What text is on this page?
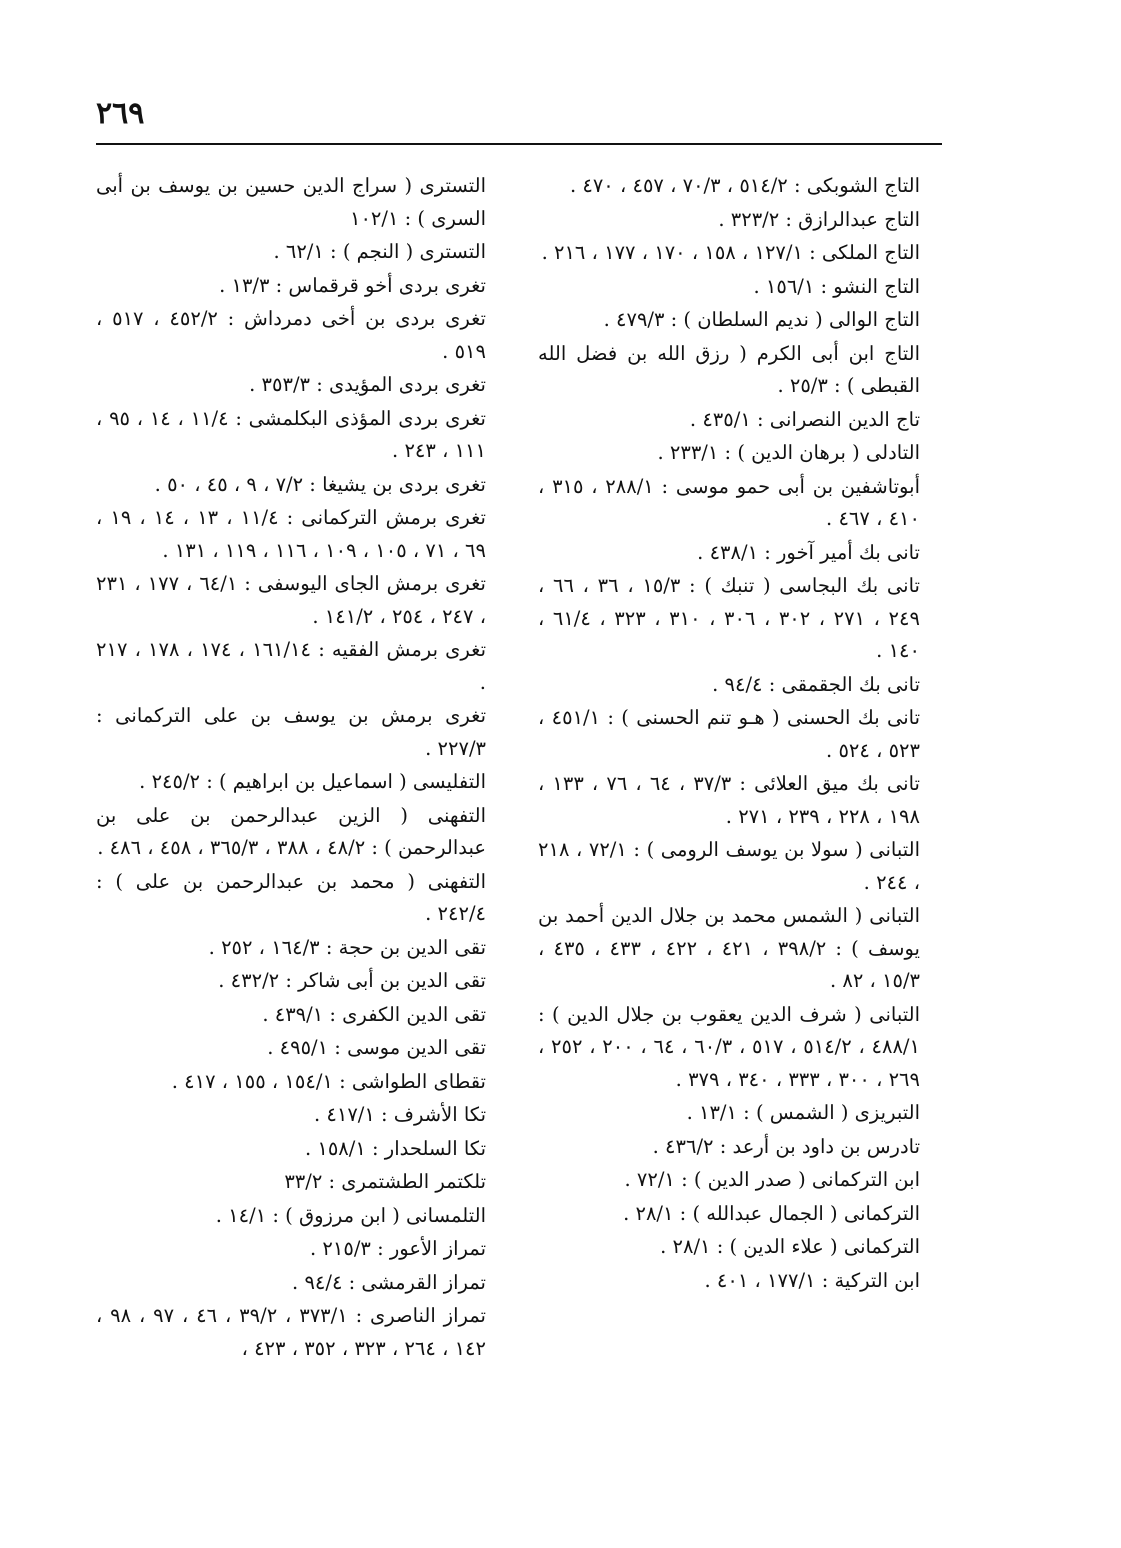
٢٦٩
التاج الشوبكى : ٥١٤/٢ ، ٧٠/٣ ، ٤٥٧ ، ٤٧٠ .
التاج عبدالرازق : ٣٢٣/٢ .
التاج الملكى : ١٢٧/١ ، ١٥٨ ، ١٧٠ ، ١٧٧ ، ٢١٦ .
التاج النشو : ١٥٦/١ .
التاج الوالى ( نديم السلطان ) : ٤٧٩/٣ .
التاج ابن أبى الكرم ( رزق الله بن فضل الله القبطى ) : ٢٥/٣ .
تاج الدين النصرانى : ٤٣٥/١ .
التادلى ( برهان الدين ) : ٢٣٣/١ .
أبوتاشفين بن أبى حمو موسى : ٢٨٨/١ ، ٣١٥ ، ٤١٠ ، ٤٦٧ .
تانى بك أمير آخور : ٤٣٨/١ .
تانى بك البجاسى ( تنبك ) : ١٥/٣ ، ٣٦ ، ٦٦ ، ٢٤٩ ، ٢٧١ ، ٣٠٢ ، ٣٠٦ ، ٣١٠ ، ٣٢٣ ، ٦١/٤ ، ١٤٠ .
تانى بك الجقمقى : ٩٤/٤ .
تانى بك الحسنى ( هـو تنم الحسنى ) : ٤٥١/١ ، ٥٢٣ ، ٥٢٤ .
تانى بك ميق العلائى : ٣٧/٣ ، ٦٤ ، ٧٦ ، ١٣٣ ، ١٩٨ ، ٢٢٨ ، ٢٣٩ ، ٢٧١ .
التبانى ( سولا بن يوسف الرومى ) : ٧٢/١ ، ٢١٨ ، ٢٤٤ .
التبانى ( الشمس محمد بن جلال الدين أحمد بن يوسف ) : ٣٩٨/٢ ، ٤٢١ ، ٤٢٢ ، ٤٣٣ ، ٤٣٥ ، ١٥/٣ ، ٨٢ .
التبانى ( شرف الدين يعقوب بن جلال الدين ) : ٤٨٨/١ ، ٥١٤/٢ ، ٥١٧ ، ٦٠/٣ ، ٦٤ ، ٢٠٠ ، ٢٥٢ ، ٢٦٩ ، ٣٠٠ ، ٣٣٣ ، ٣٤٠ ، ٣٧٩ .
التبريزى ( الشمس ) : ١٣/١ .
تادرس بن داود بن أرعد : ٤٣٦/٢ .
ابن التركمانى ( صدر الدين ) : ٧٢/١ .
التركمانى ( الجمال عبدالله ) : ٢٨/١ .
التركمانى ( علاء الدين ) : ٢٨/١ .
ابن التركية : ١٧٧/١ ، ٤٠١ .
التسترى ( سراج الدين حسين بن يوسف بن أبى السرى ) : ١٠٢/١
التسترى ( النجم ) : ٦٢/١ .
تغرى بردى أخو قرقماس : ١٣/٣ .
تغرى بردى بن أخى دمرداش : ٤٥٢/٢ ، ٥١٧ ، ٥١٩ .
تغرى بردى المؤيدى : ٣٥٣/٣ .
تغرى بردى المؤذى البكلمشى : ١١/٤ ، ١٤ ، ٩٥ ، ١١١ ، ٢٤٣ .
تغرى بردى بن يشيغا : ٧/٢ ، ٩ ، ٤٥ ، ٥٠ .
تغرى برمش التركمانى : ١١/٤ ، ١٣ ، ١٤ ، ١٩ ، ٦٩ ، ٧١ ، ١٠٥ ، ١٠٩ ، ١١٦ ، ١١٩ ، ١٣١ .
تغرى برمش الجاى اليوسفى : ٦٤/١ ، ١٧٧ ، ٢٣١ ، ٢٤٧ ، ٢٥٤ ، ١٤١/٢ .
تغرى برمش الفقيه : ١٦١/١٤ ، ١٧٤ ، ١٧٨ ، ٢١٧ .
تغرى برمش بن يوسف بن على التركمانى : ٢٢٧/٣ .
التفليسى ( اسماعيل بن ابراهيم ) : ٢٤٥/٢ .
التفهنى ( الزين عبدالرحمن بن على بن عبدالرحمن ) : ٤٨/٢ ، ٣٨٨ ، ٣٦٥/٣ ، ٤٥٨ ، ٤٨٦ .
التفهنى ( محمد بن عبدالرحمن بن على ) : ٢٤٢/٤ .
تقى الدين بن حجة : ١٦٤/٣ ، ٢٥٢ .
تقى الدين بن أبى شاكر : ٤٣٢/٢ .
تقى الدين الكفرى : ٤٣٩/١ .
تقى الدين موسى : ٤٩٥/١ .
تقطاى الطواشى : ١٥٤/١ ، ١٥٥ ، ٤١٧ .
تكا الأشرف : ٤١٧/١ .
تكا السلحدار : ١٥٨/١ .
تلكتمر الطشتمرى : ٣٣/٢
التلمسانى ( ابن مرزوق ) : ١٤/١ .
تمراز الأعور : ٢١٥/٣ .
تمراز القرمشى : ٩٤/٤ .
تمراز الناصرى : ٣٧٣/١ ، ٣٩/٢ ، ٤٦ ، ٩٧ ، ٩٨ ، ١٤٢ ، ٢٦٤ ، ٣٢٣ ، ٣٥٢ ، ٤٢٣ ،
